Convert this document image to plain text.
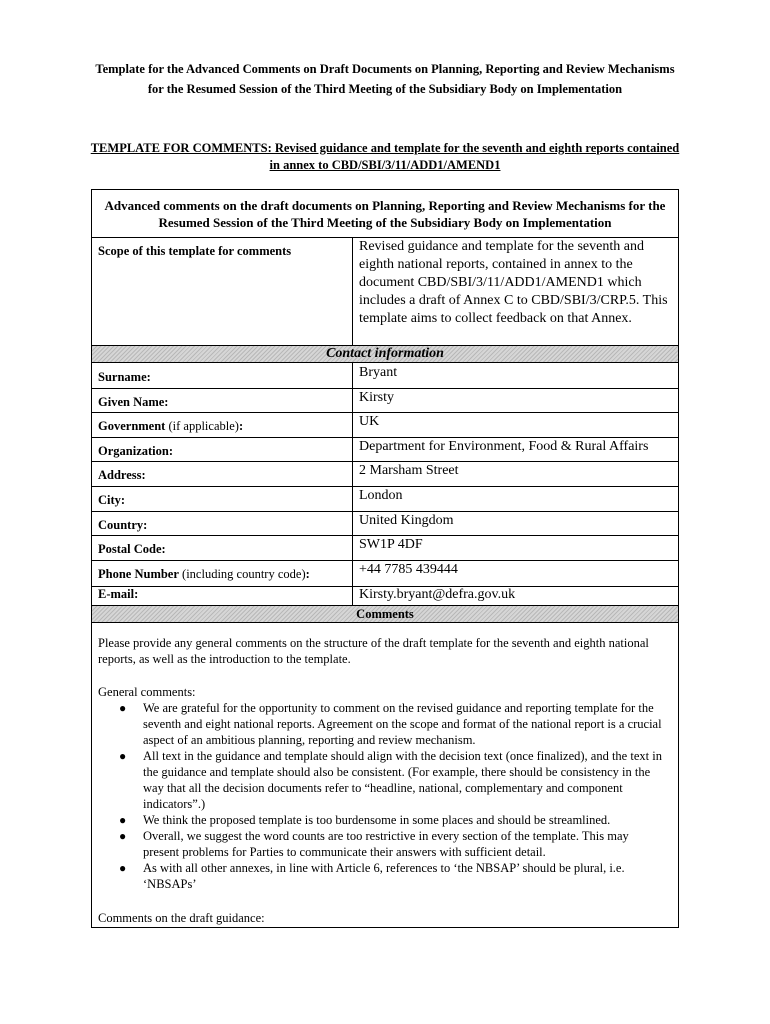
Template for the Advanced Comments on Draft Documents on Planning, Reporting and Review Mechanisms for the Resumed Session of the Third Meeting of the Subsidiary Body on Implementation
TEMPLATE FOR COMMENTS: Revised guidance and template for the seventh and eighth reports contained in annex to CBD/SBI/3/11/ADD1/AMEND1
Advanced comments on the draft documents on Planning, Reporting and Review Mechanisms for the Resumed Session of the Third Meeting of the Subsidiary Body on Implementation
Scope of this template for comments	Revised guidance and template for the seventh and eighth national reports, contained in annex to the document CBD/SBI/3/11/ADD1/AMEND1 which includes a draft of Annex C to CBD/SBI/3/CRP.5. This template aims to collect feedback on that Annex.
Contact information
Comments
Please provide any general comments on the structure of the draft template for the seventh and eighth national reports, as well as the introduction to the template.
General comments:
● We are grateful for the opportunity to comment on the revised guidance and reporting template for the seventh and eight national reports. Agreement on the scope and format of the national report is a crucial aspect of an ambitious planning, reporting and review mechanism.
● All text in the guidance and template should align with the decision text (once finalized), and the text in the guidance and template should also be consistent. (For example, there should be consistency in the way that all the decision documents refer to “headline, national, complementary and component indicators”.)
● We think the proposed template is too burdensome in some places and should be streamlined.
● Overall, we suggest the word counts are too restrictive in every section of the template. This may present problems for Parties to communicate their answers with sufficient detail.
● As with all other annexes, in line with Article 6, references to ‘the NBSAP’ should be plural, i.e. ‘NBSAPs’
Comments on the draft guidance:
Surname:	Bryant
Given Name:	Kirsty
Government (if applicable):	UK
Organization:	Department for Environment, Food & Rural Affairs
Address:	2 Marsham Street
City:	London
Country:	United Kingdom
Postal Code:	SW1P 4DF
Phone Number (including country code):	+44 7785 439444
E-mail:	Kirsty.bryant@defra.gov.uk
